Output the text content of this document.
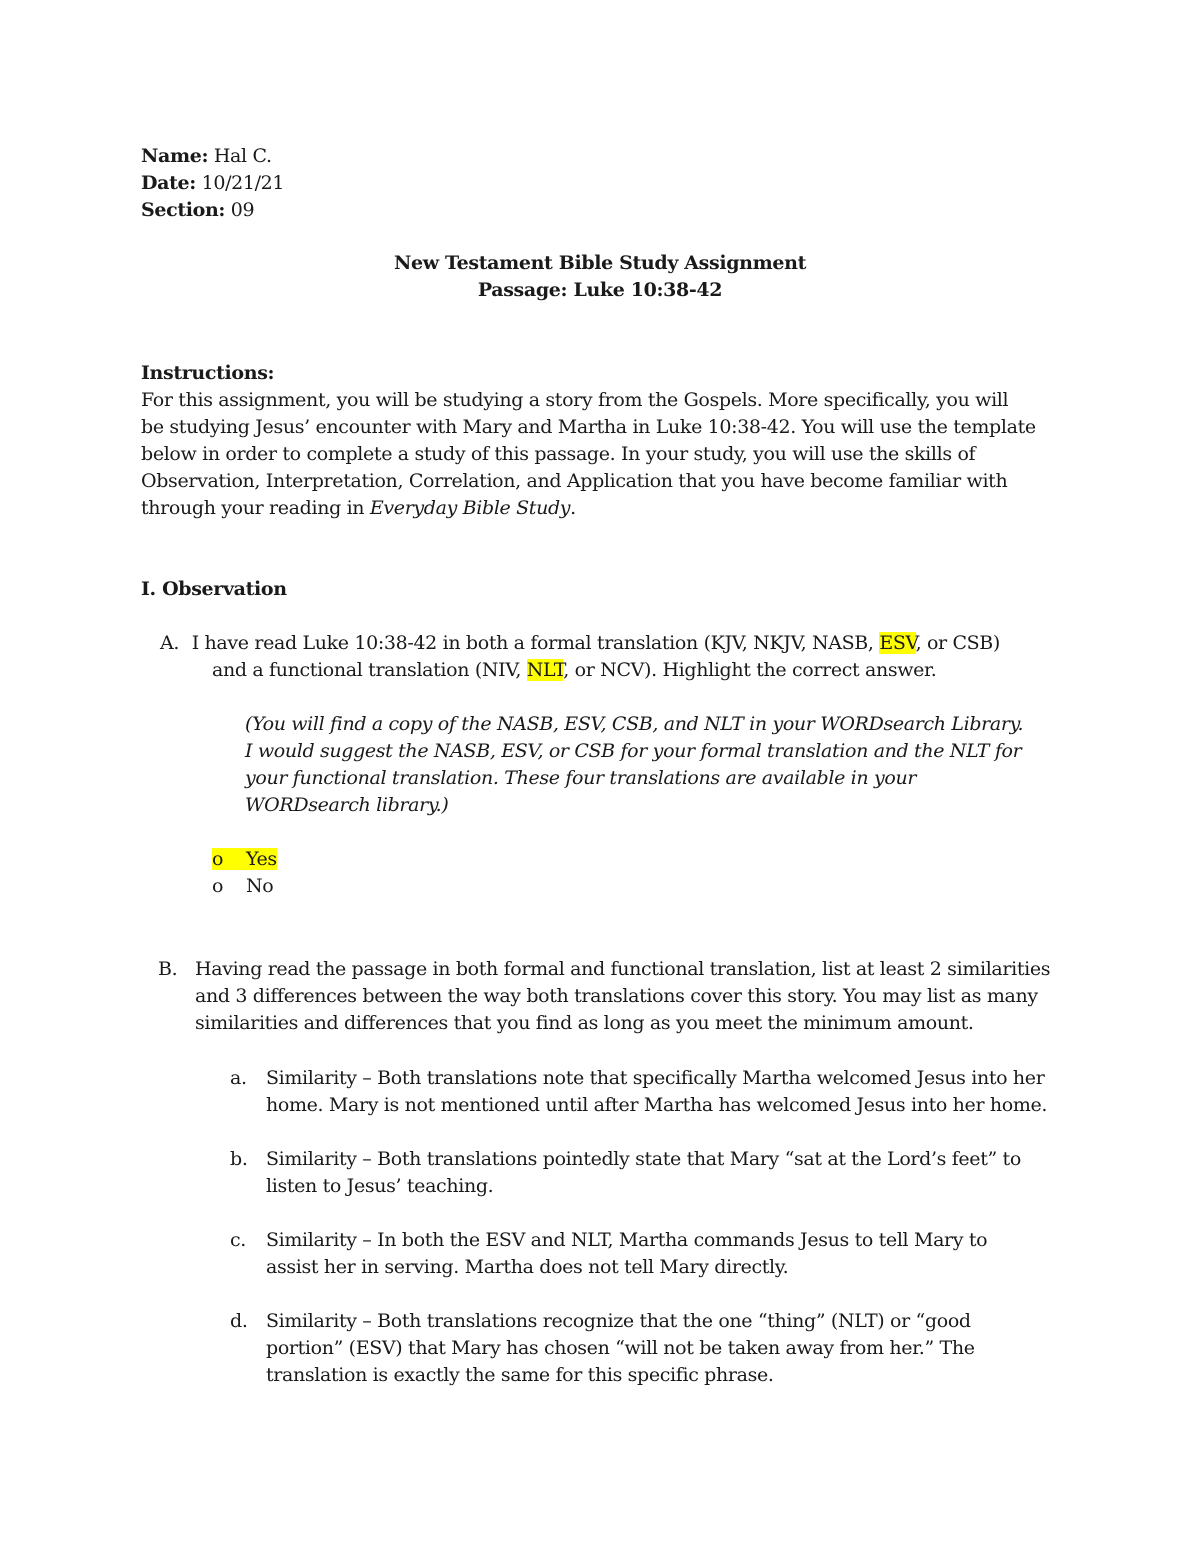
Name: Hal C.
Date: 10/21/21
Section: 09
New Testament Bible Study Assignment
Passage: Luke 10:38-42
Instructions:
For this assignment, you will be studying a story from the Gospels. More specifically, you will
be studying Jesus’ encounter with Mary and Martha in Luke 10:38-42. You will use the template
below in order to complete a study of this passage. In your study, you will use the skills of
Observation, Interpretation, Correlation, and Application that you have become familiar with
through your reading in Everyday Bible Study.
I. Observation
A. I have read Luke 10:38-42 in both a formal translation (KJV, NKJV, NASB, ESV, or CSB)
and a functional translation (NIV, NLT, or NCV). Highlight the correct answer.
(You will find a copy of the NASB, ESV, CSB, and NLT in your WORDsearch Library.
I would suggest the NASB, ESV, or CSB for your formal translation and the NLT for
your functional translation. These four translations are available in your
WORDsearch library.)
o Yes
o No
B. Having read the passage in both formal and functional translation, list at least 2 similarities
and 3 differences between the way both translations cover this story. You may list as many
similarities and differences that you find as long as you meet the minimum amount.
a. Similarity – Both translations note that specifically Martha welcomed Jesus into her
home. Mary is not mentioned until after Martha has welcomed Jesus into her home.
b. Similarity – Both translations pointedly state that Mary “sat at the Lord’s feet” to
listen to Jesus’ teaching.
c. Similarity – In both the ESV and NLT, Martha commands Jesus to tell Mary to
assist her in serving. Martha does not tell Mary directly.
d. Similarity – Both translations recognize that the one “thing” (NLT) or “good
portion” (ESV) that Mary has chosen “will not be taken away from her.” The
translation is exactly the same for this specific phrase.
